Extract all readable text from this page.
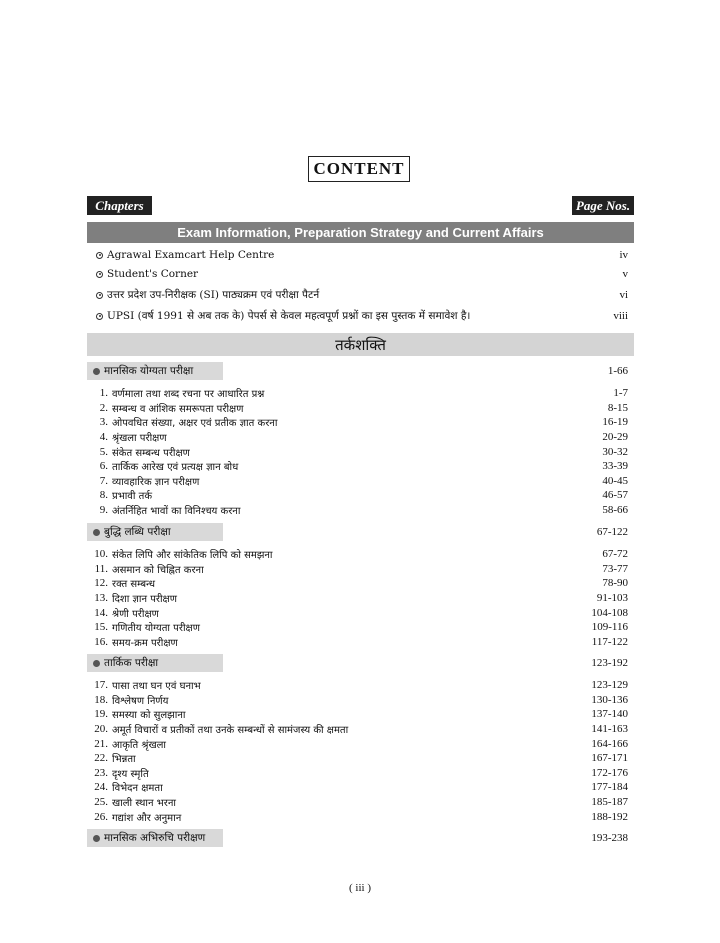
CONTENT
Chapters	Page Nos.
Exam Information, Preparation Strategy and Current Affairs
Agrawal Examcart Help Centre	iv
Student's Corner	v
उत्तर प्रदेश उप-निरीक्षक (SI) पाठ्यक्रम एवं परीक्षा पैटर्न	vi
UPSI (वर्ष 1991 से अब तक के) पेपर्स से केवल महत्वपूर्ण प्रश्नों का इस पुस्तक में समावेश है।	viii
तर्कशक्ति
मानसिक योग्यता परीक्षा	1-66
1. वर्णमाला तथा शब्द रचना पर आधारित प्रश्न	1-7
2. सम्बन्ध व आंशिक समरूपता परीक्षण	8-15
3. ओपवधित संख्या, अक्षर एवं प्रतीक ज्ञात करना	16-19
4. श्रृंखला परीक्षण	20-29
5. संकेत सम्बन्ध परीक्षण	30-32
6. तार्किक आरेख एवं प्रत्यक्ष ज्ञान बोध	33-39
7. व्यावहारिक ज्ञान परीक्षण	40-45
8. प्रभावी तर्क	46-57
9. अंतर्निहित भावों का विनिश्चय करना	58-66
बुद्धि लब्धि परीक्षा	67-122
10. संकेत लिपि और सांकेतिक लिपि को समझना	67-72
11. असमान को चिह्नित करना	73-77
12. रक्त सम्बन्ध	78-90
13. दिशा ज्ञान परीक्षण	91-103
14. श्रेणी परीक्षण	104-108
15. गणितीय योग्यता परीक्षण	109-116
16. समय-क्रम परीक्षण	117-122
तार्किक परीक्षा	123-192
17. पासा तथा घन एवं घनाभ	123-129
18. विश्लेषण निर्णय	130-136
19. समस्या को सुलझाना	137-140
20. अमूर्त विचारों व प्रतीकों तथा उनके सम्बन्धों से सामंजस्य की क्षमता	141-163
21. आकृति श्रृंखला	164-166
22. भिन्नता	167-171
23. दृश्य स्मृति	172-176
24. विभेदन क्षमता	177-184
25. खाली स्थान भरना	185-187
26. गद्यांश और अनुमान	188-192
मानसिक अभिरुचि परीक्षण	193-238
( iii )
